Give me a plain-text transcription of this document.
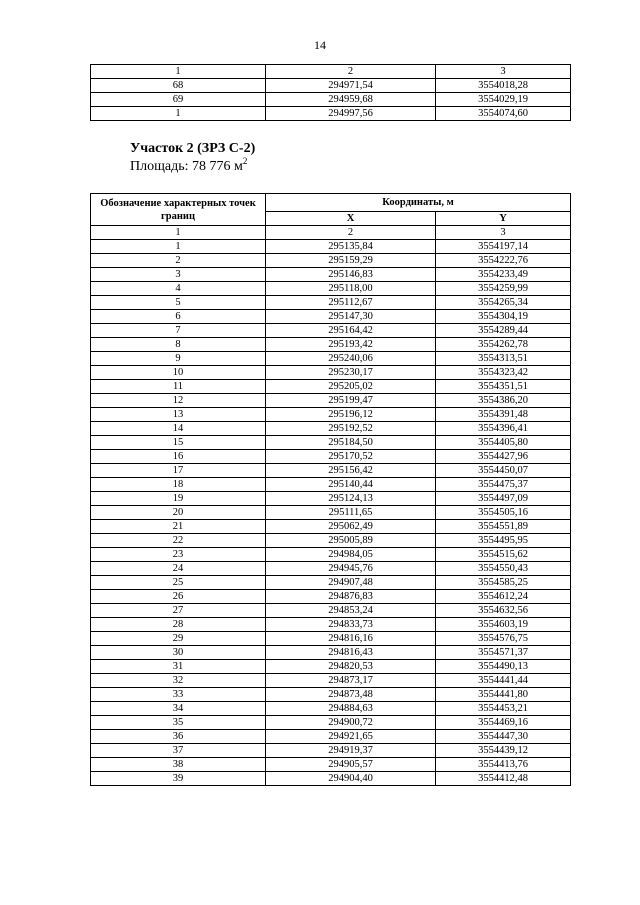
14
1	2	3
68	294971,54	3554018,28
69	294959,68	3554029,19
1	294997,56	3554074,60
Участок 2 (ЗРЗ С-2)
Площадь: 78 776 $м^2$
Обозначение характерных точек границ	Координаты, м	
	X	Y
1	2	3
1	295135,84	3554197,14
2	295159,29	3554222,76
3	295146,83	3554233,49
4	295118,00	3554259,99
5	295112,67	3554265,34
6	295147,30	3554304,19
7	295164,42	3554289,44
8	295193,42	3554262,78
9	295240,06	3554313,51
10	295230,17	3554323,42
11	295205,02	3554351,51
12	295199,47	3554386,20
13	295196,12	3554391,48
14	295192,52	3554396,41
15	295184,50	3554405,80
16	295170,52	3554427,96
17	295156,42	3554450,07
18	295140,44	3554475,37
19	295124,13	3554497,09
20	295111,65	3554505,16
21	295062,49	3554551,89
22	295005,89	3554495,95
23	294984,05	3554515,62
24	294945,76	3554550,43
25	294907,48	3554585,25
26	294876,83	3554612,24
27	294853,24	3554632,56
28	294833,73	3554603,19
29	294816,16	3554576,75
30	294816,43	3554571,37
31	294820,53	3554490,13
32	294873,17	3554441,44
33	294873,48	3554441,80
34	294884,63	3554453,21
35	294900,72	3554469,16
36	294921,65	3554447,30
37	294919,37	3554439,12
38	294905,57	3554413,76
39	294904,40	3554412,48
